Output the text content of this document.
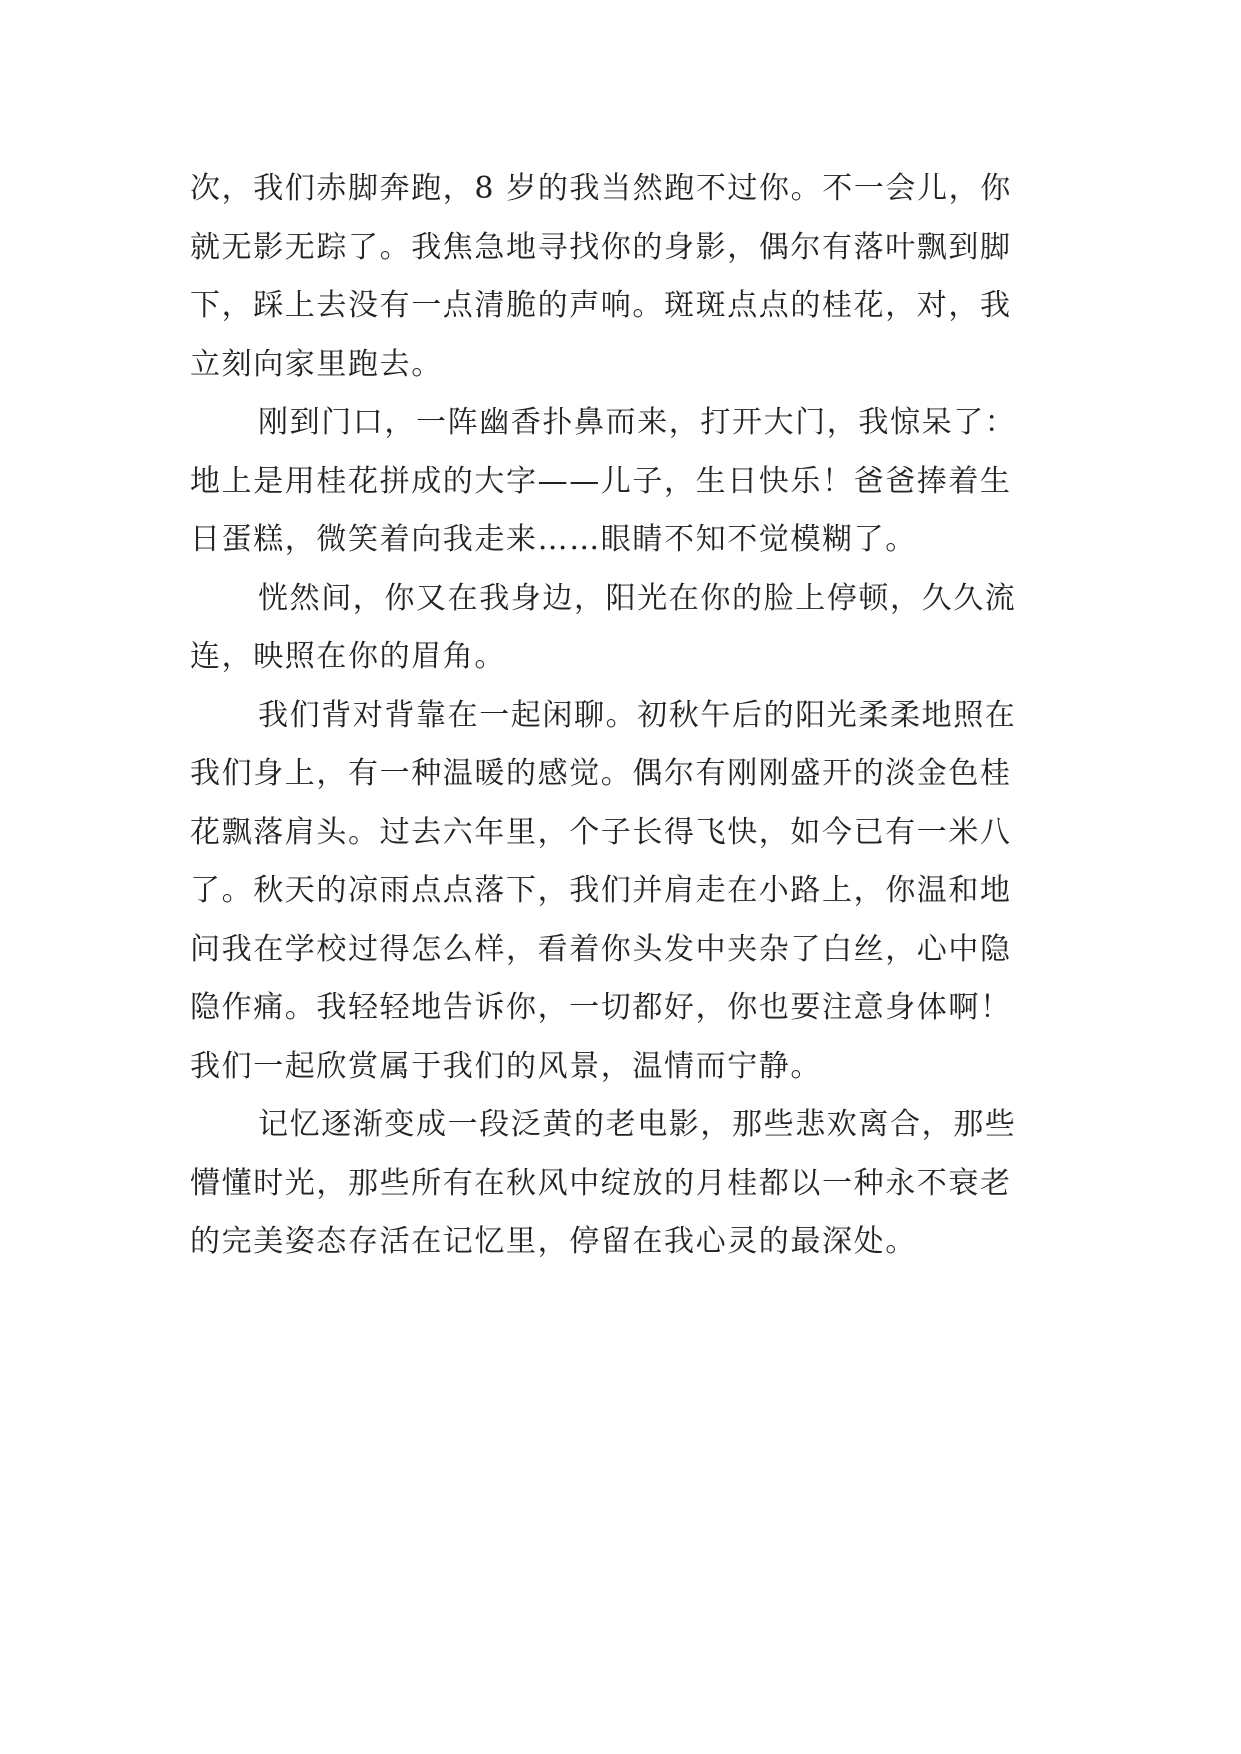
次，我们赤脚奔跑，8 岁的我当然跑不过你。不一会儿，你
就无影无踪了。我焦急地寻找你的身影，偶尔有落叶飘到脚
下，踩上去没有一点清脆的声响。斑斑点点的桂花，对，我
立刻向家里跑去。
刚到门口，一阵幽香扑鼻而来，打开大门，我惊呆了：
地上是用桂花拼成的大字——儿子，生日快乐！爸爸捧着生
日蛋糕，微笑着向我走来……眼睛不知不觉模糊了。
恍然间，你又在我身边，阳光在你的脸上停顿，久久流
连，映照在你的眉角。
我们背对背靠在一起闲聊。初秋午后的阳光柔柔地照在
我们身上，有一种温暖的感觉。偶尔有刚刚盛开的淡金色桂
花飘落肩头。过去六年里，个子长得飞快，如今已有一米八
了。秋天的凉雨点点落下，我们并肩走在小路上，你温和地
问我在学校过得怎么样，看着你头发中夹杂了白丝，心中隐
隐作痛。我轻轻地告诉你，一切都好，你也要注意身体啊！
我们一起欣赏属于我们的风景，温情而宁静。
记忆逐渐变成一段泛黄的老电影，那些悲欢离合，那些
懵懂时光，那些所有在秋风中绽放的月桂都以一种永不衰老
的完美姿态存活在记忆里，停留在我心灵的最深处。
